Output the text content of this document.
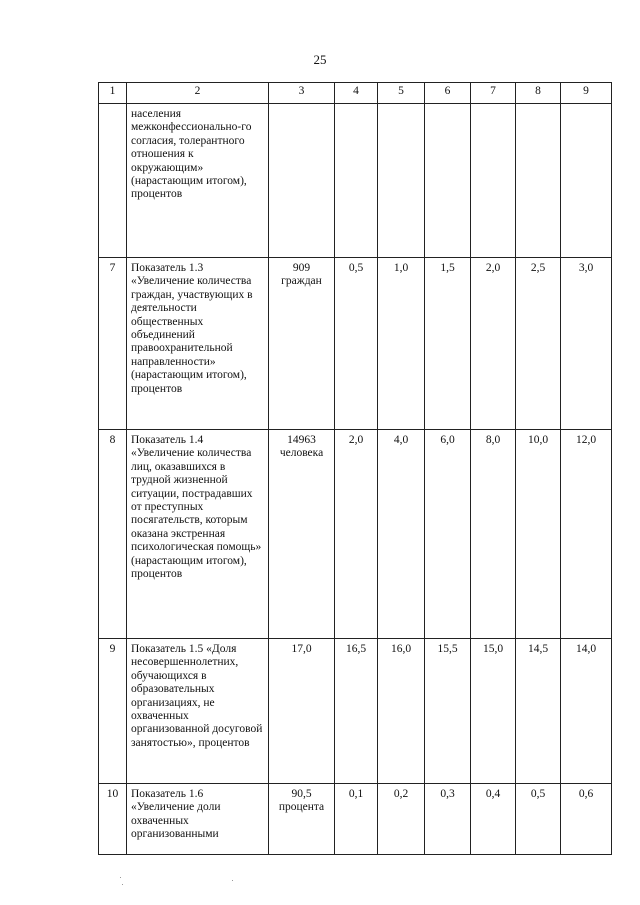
25
1	2	3	4	5	6	7	8	9
	населения межконфессионально-го согласия, толерантного отношения к окружающим» (нарастающим итогом), процентов							
7	Показатель 1.3 «Увеличение количества граждан, участвующих в деятельности общественных объединений правоохранительной направленности» (нарастающим итогом), процентов	909 граждан	0,5	1,0	1,5	2,0	2,5	3,0
8	Показатель 1.4 «Увеличение количества лиц, оказавшихся в трудной жизненной ситуации, пострадавших от преступных посягательств, которым оказана экстренная психологическая помощь» (нарастающим итогом), процентов	14963 человека	2,0	4,0	6,0	8,0	10,0	12,0
9	Показатель 1.5 «Доля несовершеннолетних, обучающихся в образовательных организациях, не охваченных организованной досуговой занятостью», процентов	17,0	16,5	16,0	15,5	15,0	14,5	14,0
10	Показатель 1.6 «Увеличение доли охваченных организованными	90,5 процента	0,1	0,2	0,3	0,4	0,5	0,6
